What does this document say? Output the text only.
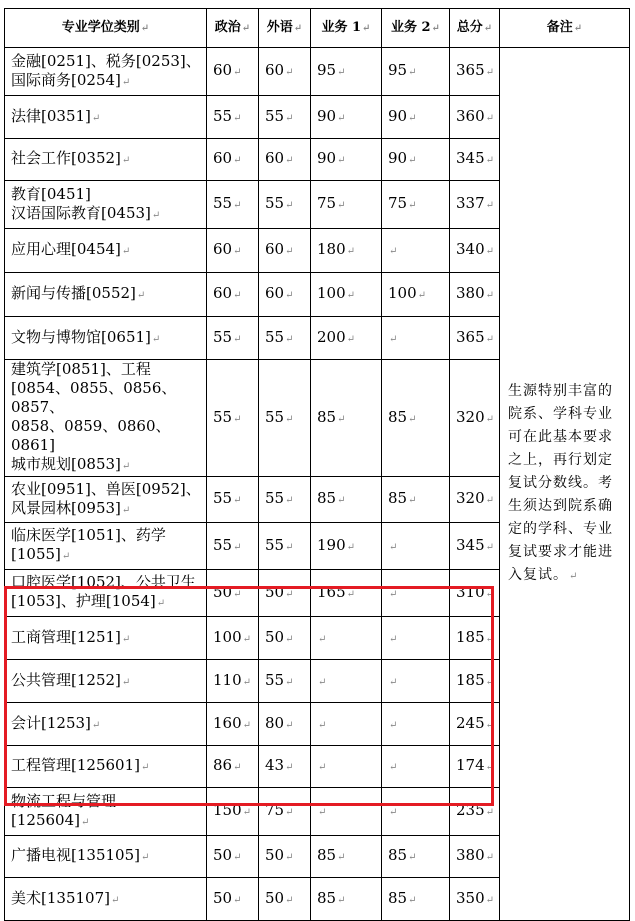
专业学位类别↵	政治↵	外语↵	业务 1↵	业务 2↵	总分↵	备注↵
金融[0251]、税务[0253]、
国际商务[0254]↵	60↵	60↵	95↵	95↵	365↵	生源特别丰富的院系、学科专业可在此基本要求之上，再行划定复试分数线。考生须达到院系确定的学科、专业复试要求才能进入复试。↵
法律[0351]↵	55↵	55↵	90↵	90↵	360↵	
社会工作[0352]↵	60↵	60↵	90↵	90↵	345↵	
教育[0451]
汉语国际教育[0453]↵	55↵	55↵	75↵	75↵	337↵	
应用心理[0454]↵	60↵	60↵	180↵	↵	340↵	
新闻与传播[0552]↵	60↵	60↵	100↵	100↵	380↵	
文物与博物馆[0651]↵	55↵	55↵	200↵	↵	365↵	
建筑学[0851]、工程
[0854、0855、0856、0857、
0858、0859、0860、0861]
城市规划[0853]↵	55↵	55↵	85↵	85↵	320↵	
农业[0951]、兽医[0952]、
风景园林[0953]↵	55↵	55↵	85↵	85↵	320↵	
临床医学[1051]、药学
[1055]↵	55↵	55↵	190↵	↵	345↵	
口腔医学[1052]、公共卫生
[1053]、护理[1054]↵	50↵	50↵	165↵	↵	310↵	
工商管理[1251]↵	100↵	50↵	↵	↵	185↵	
公共管理[1252]↵	110↵	55↵	↵	↵	185↵	
会计[1253]↵	160↵	80↵	↵	↵	245↵	
工程管理[125601]↵	86↵	43↵	↵	↵	174↵	
物流工程与管理
[125604]↵	150↵	75↵	↵	↵	235↵	
广播电视[135105]↵	50↵	50↵	85↵	85↵	380↵	
美术[135107]↵	50↵	50↵	85↵	85↵	350↵	
